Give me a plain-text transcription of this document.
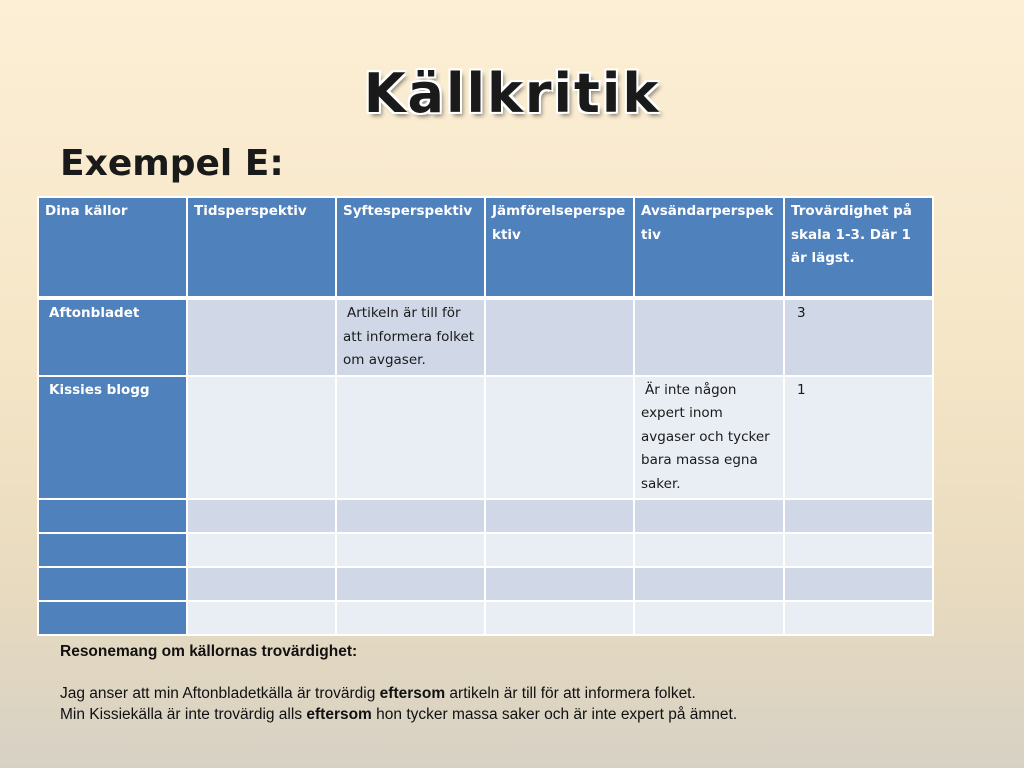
Källkritik
Exempel E:
Dina källor	Tidsperspektiv	Syftesperspektiv	Jämförelseperspektiv	Avsändarperspektiv	Trovärdighet på skala 1-3. Där 1 är lägst.
Aftonbladet		Artikeln är till för att informera folket om avgaser.			3
Kissies blogg				Är inte någon expert inom avgaser och tycker bara massa egna saker.	1

Resonemang om källornas trovärdighet:

Jag anser att min Aftonbladetkälla är trovärdig eftersom artikeln är till för att informera folket.

Min Kissiekälla är inte trovärdig alls eftersom hon tycker massa saker och är inte expert på ämnet.
